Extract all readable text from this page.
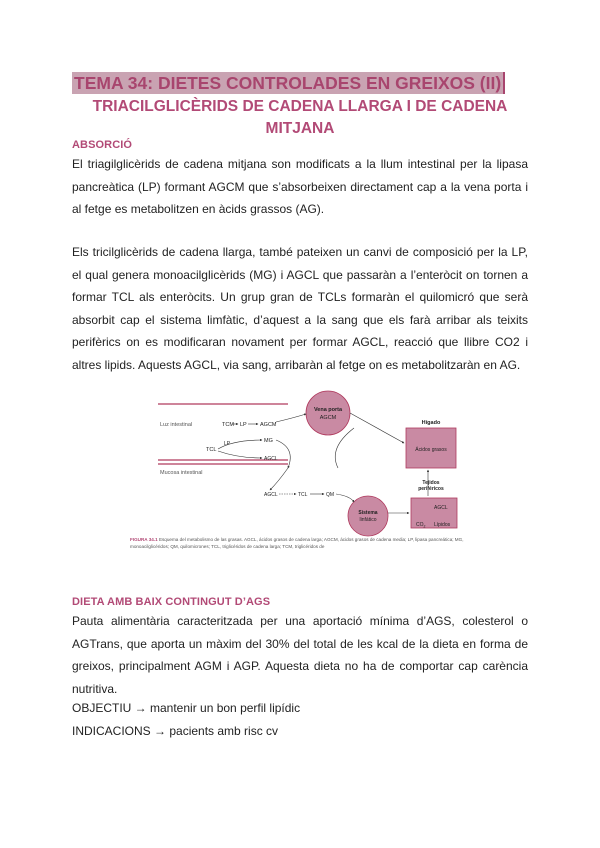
TEMA 34: DIETES CONTROLADES EN GREIXOS (II)
TRIACILGLICÈRIDS DE CADENA LLARGA I DE CADENA MITJANA
ABSORCIÓ
El triagilglicèrids de cadena mitjana son modificats a la llum intestinal per la lipasa pancreàtica (LP) formant AGCM que s’absorbeixen directament cap a la vena porta i al fetge es metabolitzen en àcids grassos (AG).
Els tricilglicèrids de cadena llarga, també pateixen un canvi de composició per la LP, el qual genera monoacilglicèrids (MG) i AGCL que passaràn a l’enteròcit on tornen a formar TCL als enteròcits. Un grup gran de TCLs formaràn el quilomicró que serà absorbit cap el sistema limfàtic, d’aquest a la sang que els farà arribar als teixits perifèrics on es modificaran novament per formar AGCL, reacció que llibre CO2 i altres lipids. Aquests AGCL, via sang, arribaràn al fetge on es metabolitzaràn en AG.
Luz intestinal
Mucosa intestinal
Vena porta
AGCM
Hígado
Ácidos grasos
Tejidos
periféricos
AGCL
$CO_2$ Lípidos
Sistema
linfático
TCM LP AGCM
TCL
LP	MG
AGCL
AGCL	TCL	QM
FIGURA 34.1 Esquema del metabolismo de las grasas. AGCL, ácidos grasos de cadena larga; AGCM, ácidos grasos de cadena media; LP, lipasa pancreática; MG, monoacilglicéridos; QM, quilomicrones; TCL, triglicéridos de cadena larga; TCM, triglicéridos de
DIETA AMB BAIX CONTINGUT D’AGS
Pauta alimentària caracteritzada per una aportació mínima d’AGS, colesterol o AGTrans, que aporta un màxim del 30% del total de les kcal de la dieta en forma de greixos, principalment AGM i AGP. Aquesta dieta no ha de comportar cap carència nutritiva.
OBJECTIU → mantenir un bon perfil lipídic
INDICACIONS → pacients amb risc cv
